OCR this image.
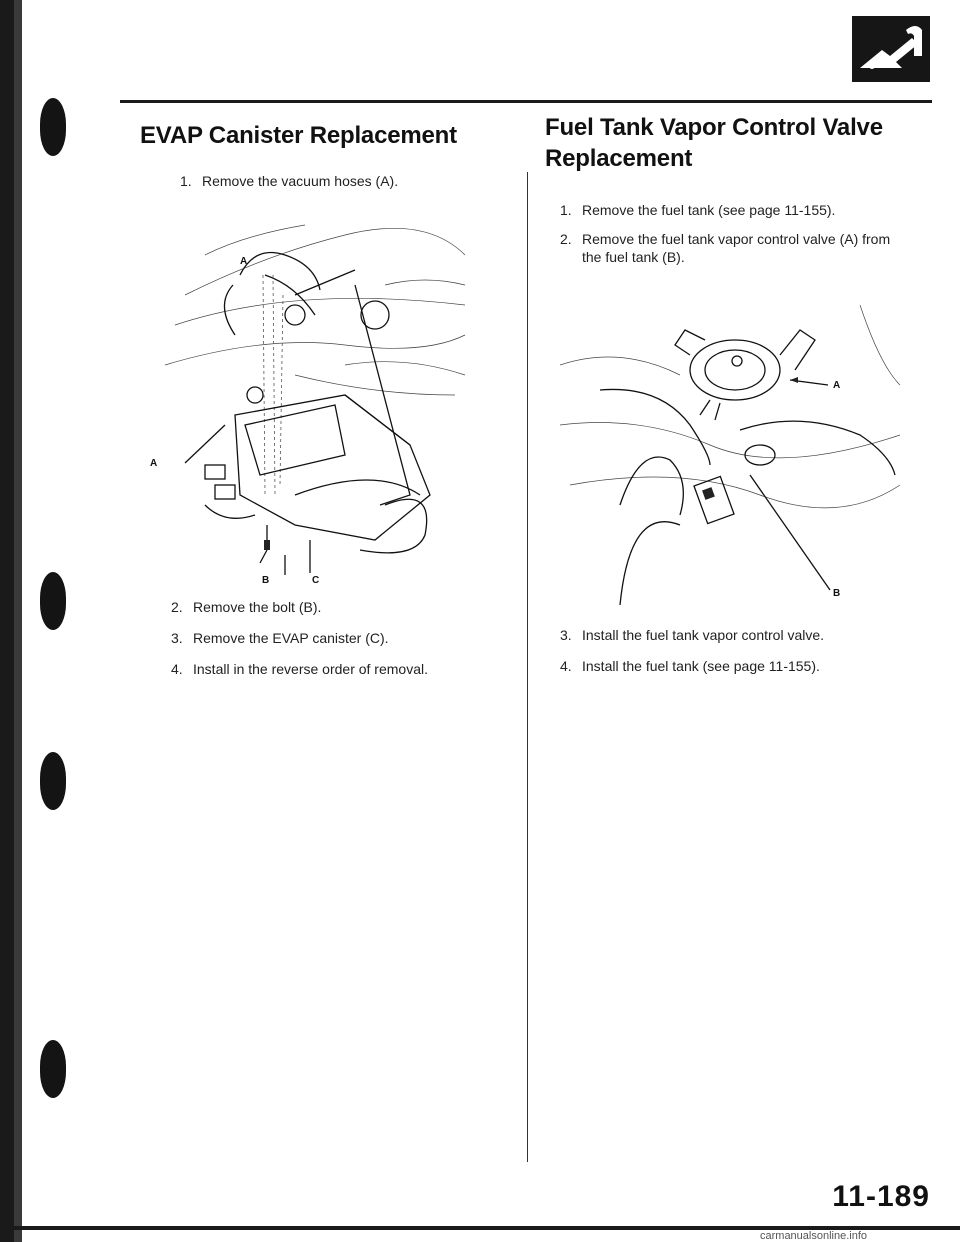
EVAP Canister Replacement
1. Remove the vacuum hoses (A).
A
A
B	C
2. Remove the bolt (B).
3. Remove the EVAP canister (C).
4. Install in the reverse order of removal.
Fuel Tank Vapor Control Valve
Replacement
1. Remove the fuel tank (see page 11-155).
2. Remove the fuel tank vapor control valve (A) from the fuel tank (B).
A
B
3. Install the fuel tank vapor control valve.
4. Install the fuel tank (see page 11-155).
11-189
carmanualsonline.info
